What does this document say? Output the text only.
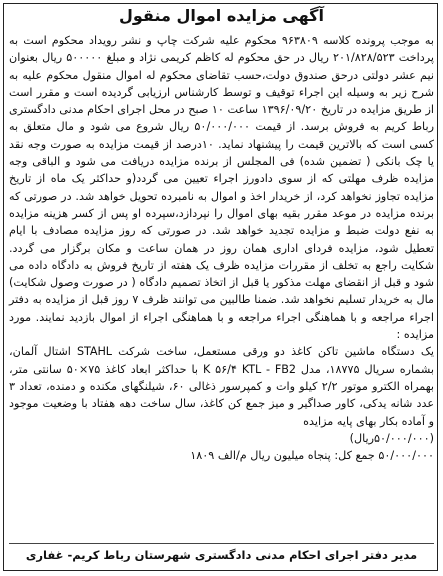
آگهی مزایده اموال منقول

به موجب پرونده کلاسه ۹۶۳۸۰۹ محکوم علیه شرکت چاپ و نشر رویداد محکوم است به پرداخت ۲۰۱/۸۲۸/۵۲۳ ریال در حق محکوم له کاظم کریمی نژاد و مبلغ ۵۰۰۰۰۰ ریال بعنوان نیم عشر دولتی درحق صندوق دولت،حسب تقاضای محکوم له اموال منقول محکوم علیه به شرح زیر به وسیله این اجراء توقیف و توسط کارشناس ارزیابی گردیده است و مقرر است از طریق مزایده در تاریخ ۱۳۹۶/۰۹/۲۰ ساعت ۱۰ صبح در محل اجرای احکام مدنی دادگستری رباط کریم به فروش برسد. از قیمت ۵۰/۰۰۰/۰۰۰ ریال شروع می شود و مال متعلق به کسی است که بالاترین قیمت را پیشنهاد نماید. ۱۰درصد از قیمت مزایده به صورت وجه نقد یا چک بانکی ( تضمین شده) فی المجلس از برنده مزایده دریافت می شود و الباقی وجه مزایده ظرف مهلتی که از سوی دادورز اجراء تعیین می گردد(و حداکثر یک ماه از تاریخ مزایده تجاوز نخواهد کرد، از خریدار اخذ و اموال به نامبرده تحویل خواهد شد. در صورتی که برنده مزایده در موعد مقرر بقیه بهای اموال را نپردازد،سپرده او پس از کسر هزینه مزایده به نفع دولت ضبط و مزایده تجدید خواهد شد. در صورتی که روز مزایده مصادف با ایام تعطیل شود، مزایده فردای اداری همان روز در همان ساعت و مکان برگزار می گردد. شکایت راجع به تخلف از مقررات مزایده ظرف یک هفته از تاریخ فروش به دادگاه داده می شود و قبل از انقضای مهلت مذکور یا قبل از اتخاذ تصمیم دادگاه ( در صورت وصول شکایت) مال به خریدار تسلیم نخواهد شد. ضمنا طالبین می توانند ظرف ۷ روز قبل از مزایده به دفتر اجراء مراجعه و با هماهنگی اجراء مراجعه و با هماهنگی اجراء از اموال بازدید نمایند. مورد مزایده :

یک دستگاه ماشین تاکن کاغذ دو ورقی مستعمل، ساخت شرکت STAHL اشتال آلمان، بشماره سریال ۱۸۷۷۵، مدل K ۵۶/۴ KTL - FB2 با حداکثر ابعاد کاغذ ۷۵×۵۰ سانتی متر، بهمراه الکترو موتور ۲/۲ کیلو وات و کمپرسور ذغالی ۶۰، شیلنگهای مکنده و دمنده، تعداد ۳ عدد شانه یدکی، کاور صداگیر و میز جمع کن کاغذ، سال ساخت دهه هفتاد با وضعیت موجود و آماده بکار بهای پایه مزایده

(۵۰/۰۰۰/۰۰۰ریال)
۵۰/۰۰۰/۰۰۰ جمع کل: پنجاه میلیون ریال م/الف ۱۸۰۹
مدیر دفتر اجرای احکام مدنی دادگستری شهرستان رباط کریم- غفاری
